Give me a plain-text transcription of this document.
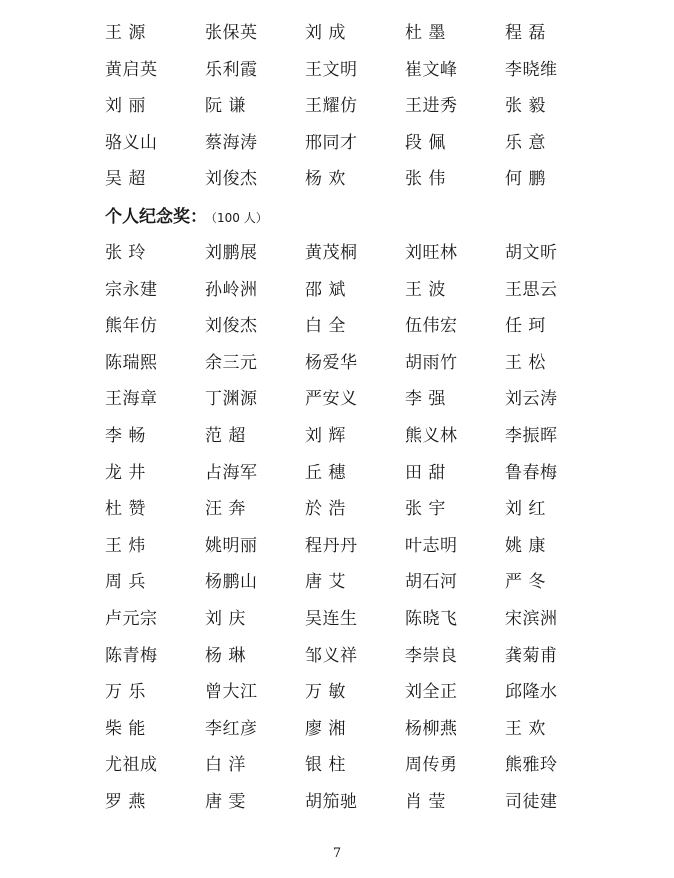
王 源	张保英	刘 成	杜 墨	程 磊
黄启英	乐利霞	王文明	崔文峰	李晓维
刘 丽	阮 谦	王耀仿	王进秀	张 毅
骆义山	蔡海涛	邢同才	段 佩	乐 意
吴 超	刘俊杰	杨 欢	张 伟	何 鹏
个人纪念奖： （100 人）
张 玲	刘鹏展	黄茂桐	刘旺林	胡文昕
宗永建	孙岭洲	邵 斌	王 波	王思云
熊年仿	刘俊杰	白 全	伍伟宏	任 珂
陈瑞熙	余三元	杨爱华	胡雨竹	王 松
王海章	丁渊源	严安义	李 强	刘云涛
李 畅	范 超	刘 辉	熊义林	李振晖
龙 井	占海军	丘 穗	田 甜	鲁春梅
杜 赞	汪 奔	於 浩	张 宇	刘 红
王 炜	姚明丽	程丹丹	叶志明	姚 康
周 兵	杨鹏山	唐 艾	胡石河	严 冬
卢元宗	刘 庆	吴连生	陈晓飞	宋滨洲
陈青梅	杨 琳	邹义祥	李崇良	龚菊甫
万 乐	曾大江	万 敏	刘全正	邱隆水
柴 能	李红彦	廖 湘	杨柳燕	王 欢
尤祖成	白 洋	银 柱	周传勇	熊雅玲
罗 燕	唐 雯	胡笳驰	肖 莹	司徒建
7
